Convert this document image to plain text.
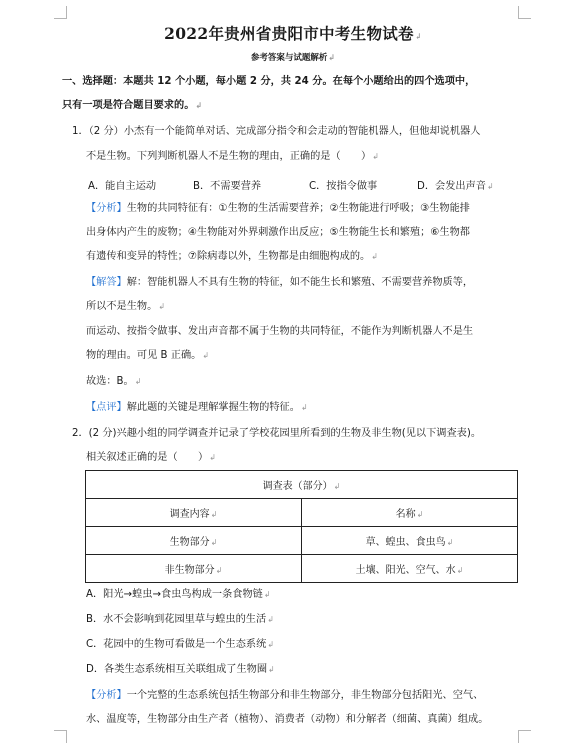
2022年贵州省贵阳市中考生物试卷↲
参考答案与试题解析↲
一、选择题：本题共 12 个小题，每小题 2 分，共 24 分。在每个小题给出的四个选项中，
只有一项是符合题目要求的。↲
1．（2 分）小杰有一个能简单对话、完成部分指令和会走动的智能机器人，但他却说机器人
不是生物。下列判断机器人不是生物的理由，正确的是（　　）↲
A．能自主运动	B．不需要营养	C．按指令做事	D．会发出声音↲
【分析】生物的共同特征有：①生物的生活需要营养；②生物能进行呼吸；③生物能排
出身体内产生的废物；④生物能对外界刺激作出反应；⑤生物能生长和繁殖；⑥生物都
有遗传和变异的特性；⑦除病毒以外，生物都是由细胞构成的。↲
【解答】解：智能机器人不具有生物的特征，如不能生长和繁殖、不需要营养物质等，
所以不是生物。↲
而运动、按指令做事、发出声音都不属于生物的共同特征，不能作为判断机器人不是生
物的理由。可见 B 正确。↲
故选：B。↲
【点评】解此题的关键是理解掌握生物的特征。↲
2．(2 分)兴趣小组的同学调查并记录了学校花园里所看到的生物及非生物(见以下调查表)。
相关叙述正确的是（　　）↲
调查表（部分）↲	
调查内容↲	名称↲
生物部分↲	草、蝗虫、食虫鸟↲
非生物部分↲	土壤、阳光、空气、水↲
A．阳光→蝗虫→食虫鸟构成一条食物链↲
B．水不会影响到花园里草与蝗虫的生活↲
C．花园中的生物可看做是一个生态系统↲
D．各类生态系统相互关联组成了生物圈↲
【分析】一个完整的生态系统包括生物部分和非生物部分，非生物部分包括阳光、空气、
水、温度等，生物部分由生产者（植物）、消费者（动物）和分解者（细菌、真菌）组成。
